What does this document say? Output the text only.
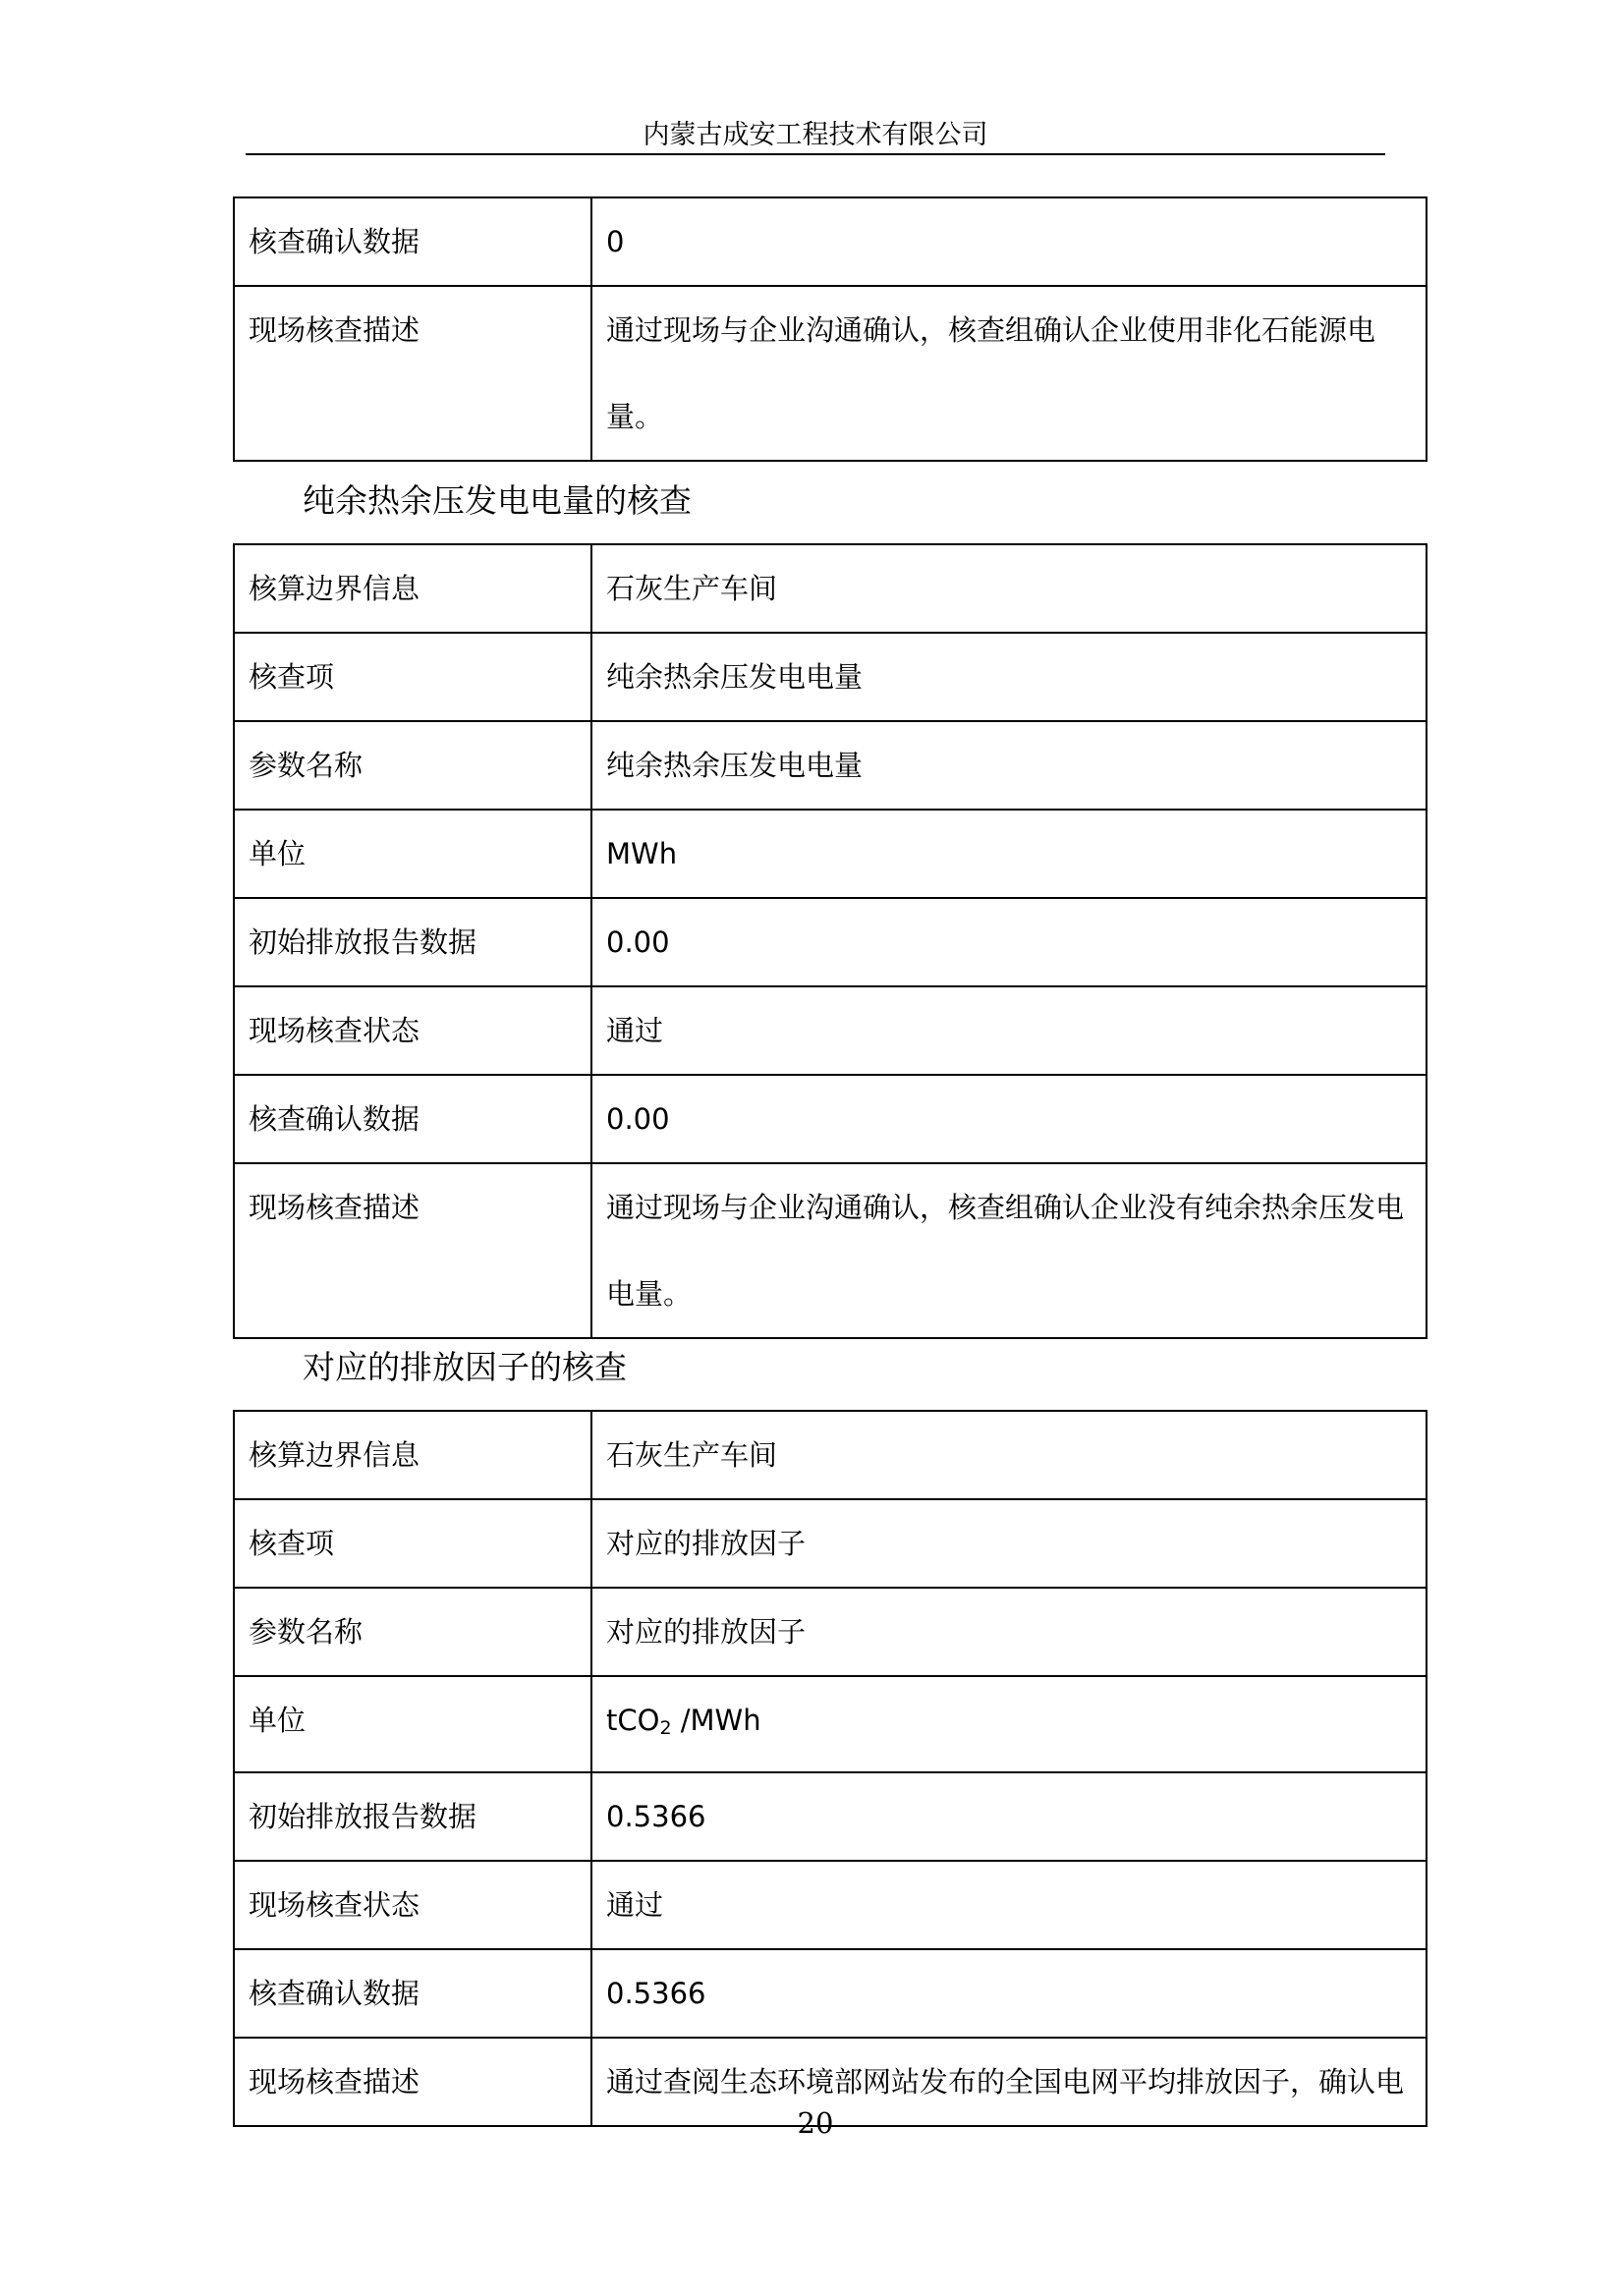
内蒙古成安工程技术有限公司
核查确认数据	0
现场核查描述	通过现场与企业沟通确认，核查组确认企业使用非化石能源电量。
纯余热余压发电电量的核查
核算边界信息	石灰生产车间
核查项	纯余热余压发电电量
参数名称	纯余热余压发电电量
单位	MWh
初始排放报告数据	0.00
现场核查状态	通过
核查确认数据	0.00
现场核查描述	通过现场与企业沟通确认，核查组确认企业没有纯余热余压发电电量。
对应的排放因子的核查
核算边界信息	石灰生产车间
核查项	对应的排放因子
参数名称	对应的排放因子
单位	tCO$_2$ /MWh
初始排放报告数据	0.5366
现场核查状态	通过
核查确认数据	0.5366
现场核查描述	通过查阅生态环境部网站发布的全国电网平均排放因子，确认电
20
